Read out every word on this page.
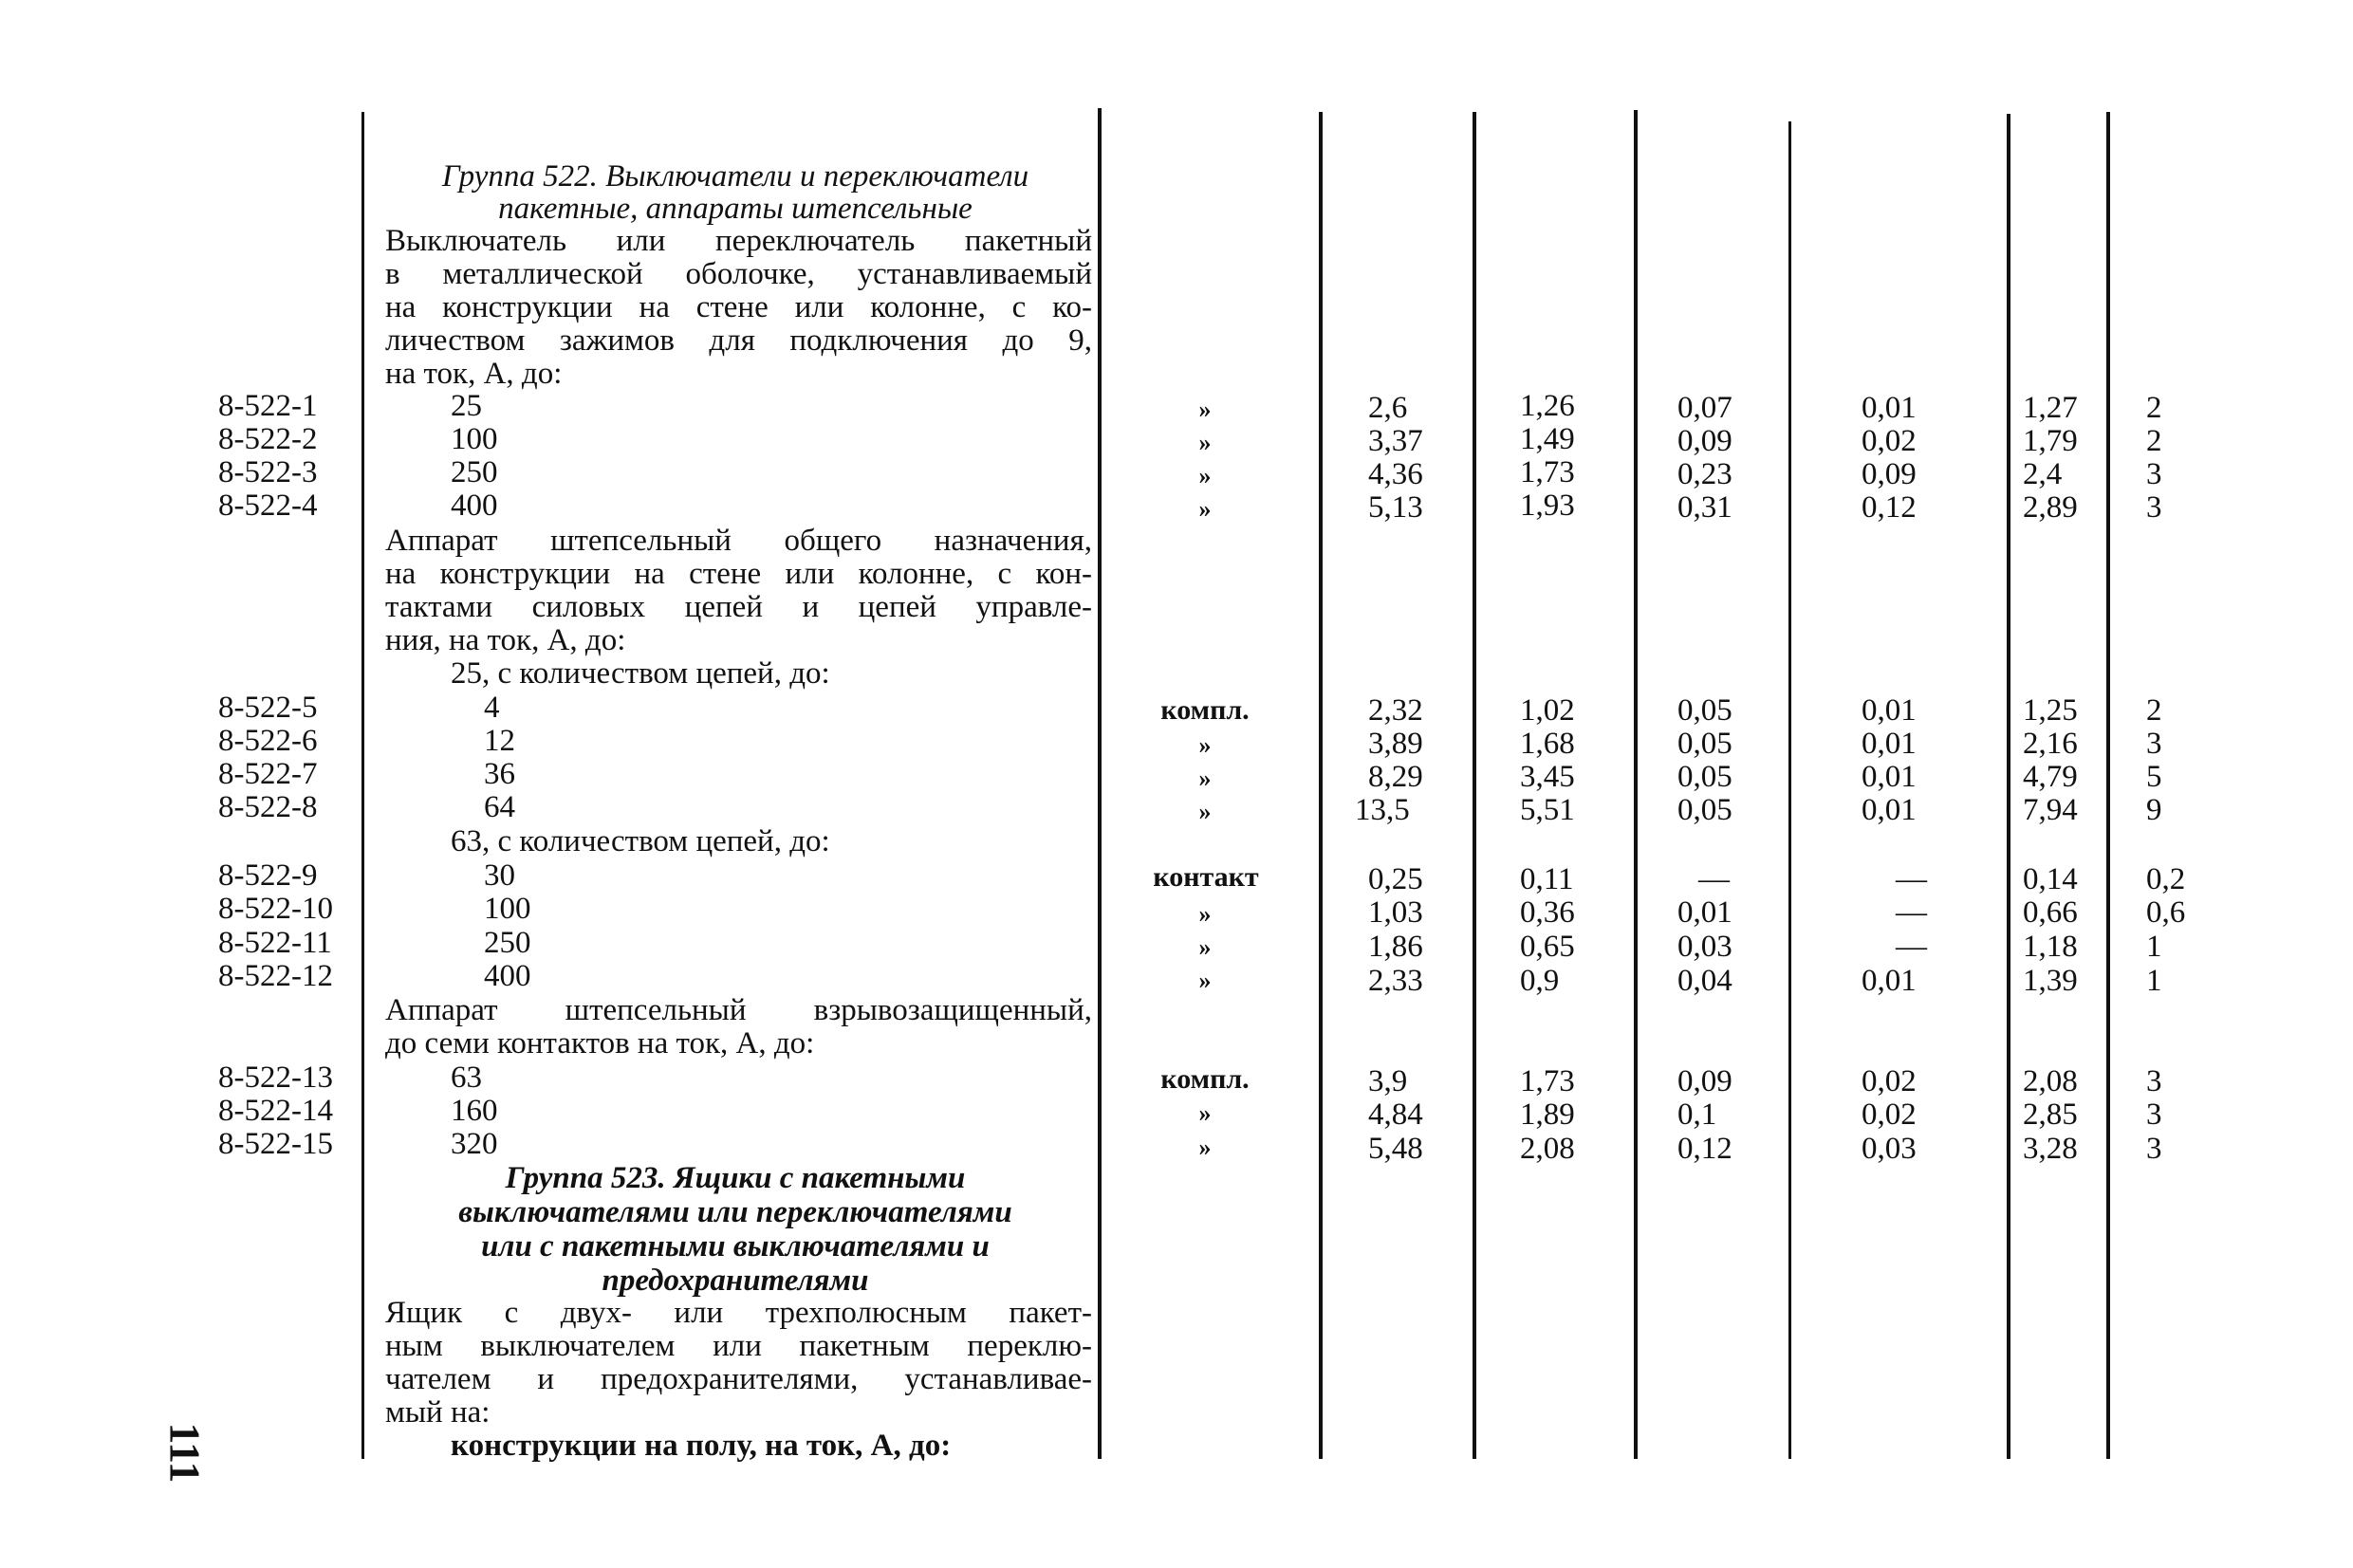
111
Группа 522. Выключатели и переключатели
пакетные, аппараты штепсельные
Выключатель или переключатель пакетный
в металлической оболочке, устанавливаемый
на конструкции на стене или колонне, с ко-
личеством зажимов для подключения до 9,
на ток, А, до:
8-522-1	25	»	2,6	1,26	0,07	0,01	1,27 2
8-522-2	100	»	3,37	1,49	0,09	0,02	1,79 2
8-522-3	250	»	4,36	1,73	0,23	0,09	2,4	3
8-522-4	400	»	5,13	1,93	0,31	0,12	2,89 3
Аппарат штепсельный общего назначения,
на конструкции на стене или колонне, с кон-
тактами силовых цепей и цепей управле-
ния, на ток, А, до:
25, с количеством цепей, до:
8-522-5	4	компл.	2,32	1,02	0,05	0,01	1,25 2
8-522-6	12	»	3,89	1,68	0,05	0,01	2,16 3
8-522-7	36	»	8,29	3,45	0,05	0,01	4,79 5
8-522-8	64	»	13,5	5,51	0,05	0,01	7,94 9
63, с количеством цепей, до:
8-522-9	30	контакт	0,25	0,11	—	—	0,14 0,2
8-522-10	100	»	1,03	0,36	0,01	—	0,66 0,6
8-522-11	250	»	1,86	0,65	0,03	—	1,18 1
8-522-12	400	»	2,33	0,9	0,04	0,01	1,39 1
Аппарат штепсельный взрывозащищенный,
до семи контактов на ток, А, до:
8-522-13	63	компл.	3,9	1,73	0,09	0,02	2,08 3
8-522-14	160	»	4,84	1,89	0,1	0,02	2,85 3
8-522-15	320	»	5,48	2,08	0,12	0,03	3,28 3
Группа 523. Ящики с пакетными
выключателями или переключателями
или с пакетными выключателями и
предохранителями
Ящик с двух- или трехполюсным пакет-
ным выключателем или пакетным переклю-
чателем и предохранителями, устанавливае-
мый на:
конструкции на полу, на ток, А, до:
